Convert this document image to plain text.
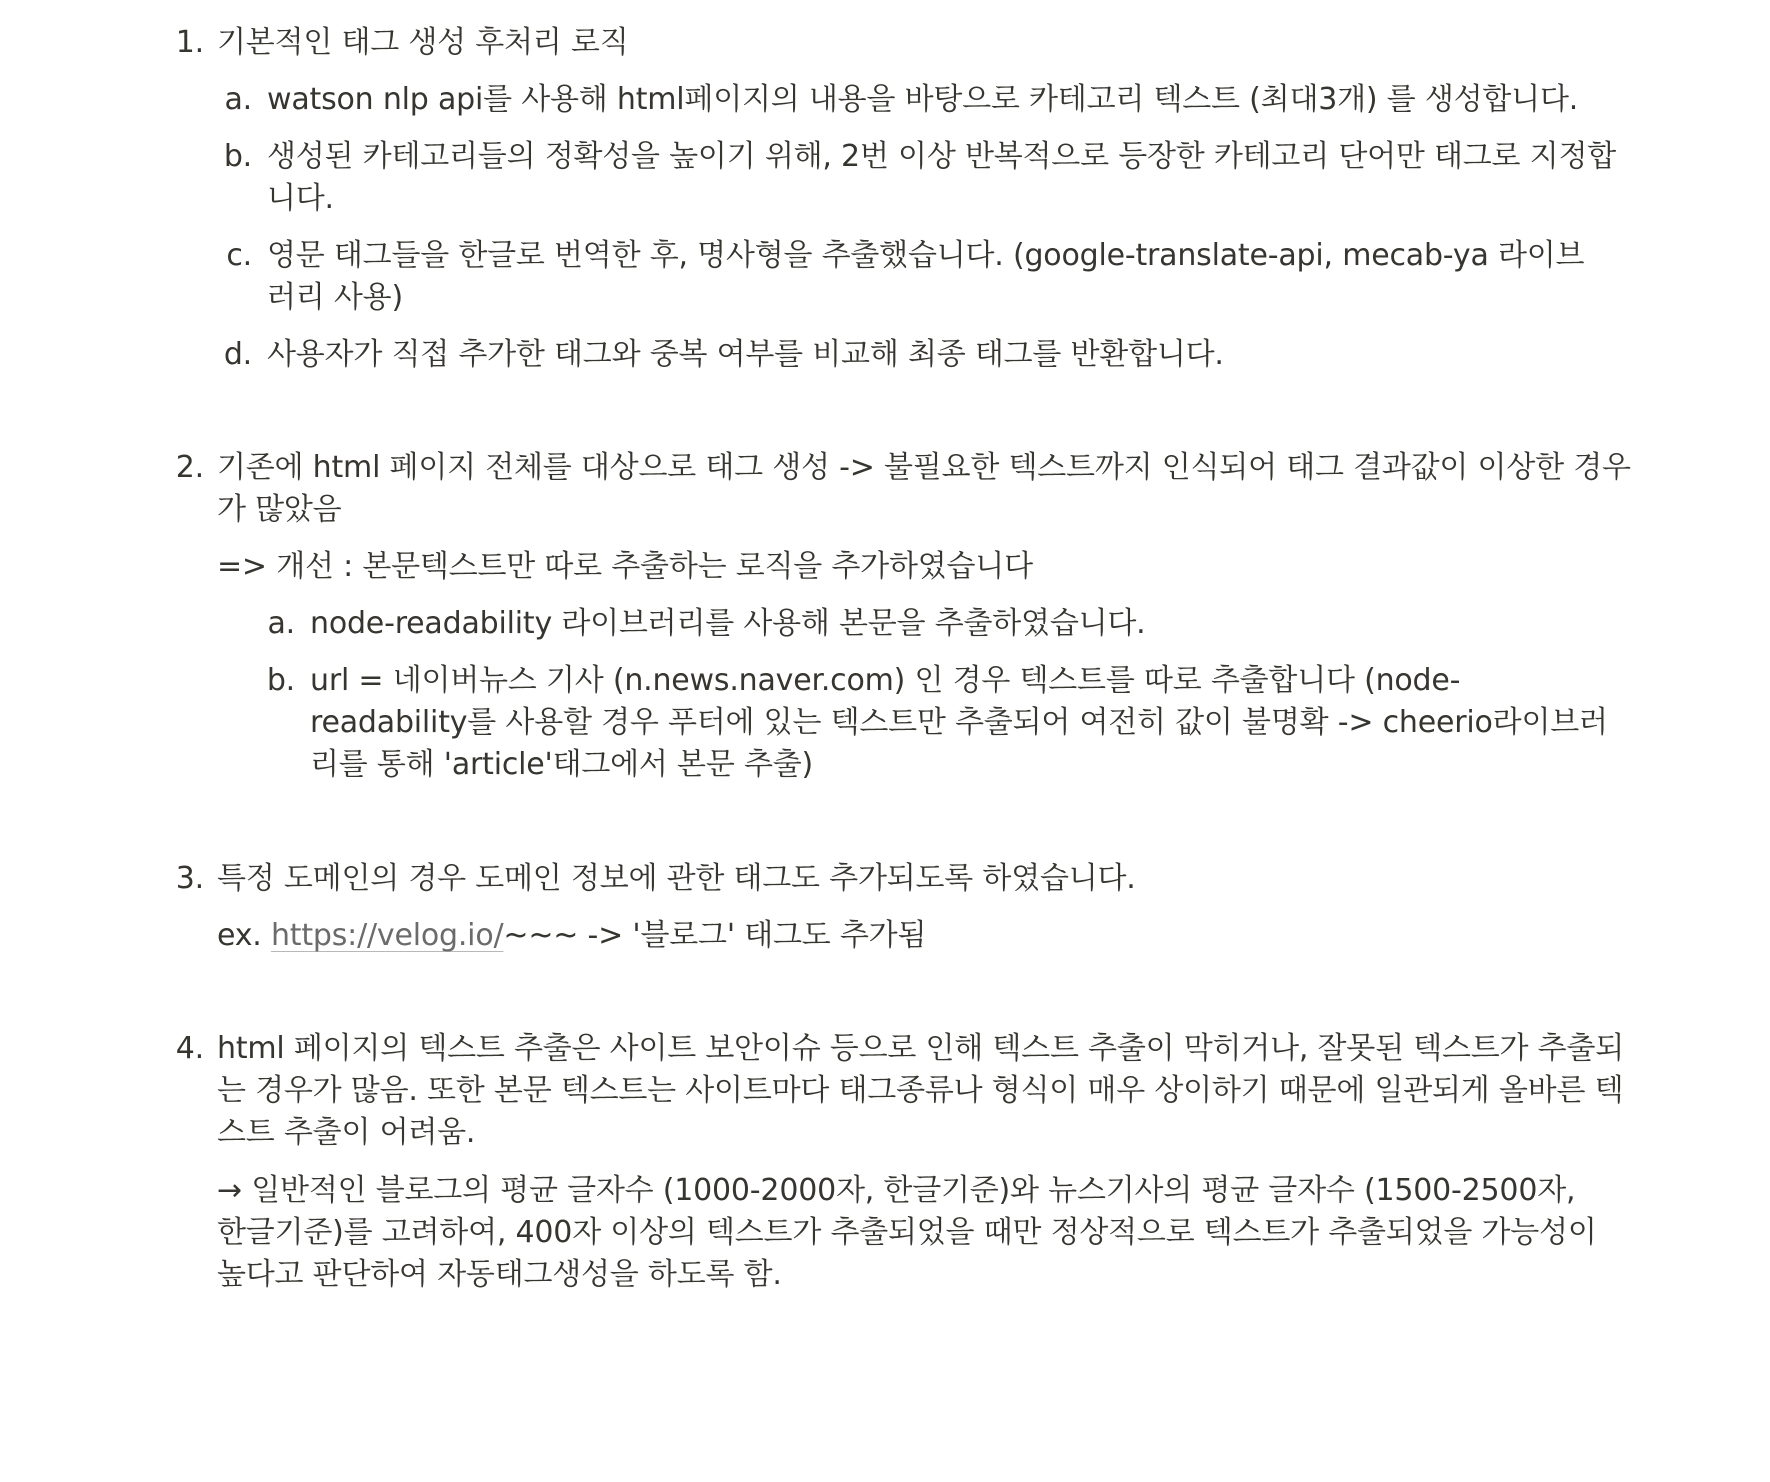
1. 기본적인 태그 생성 후처리 로직
a. watson nlp api를 사용해 html페이지의 내용을 바탕으로 카테고리 텍스트 (최대3개) 를 생성합니다.
b. 생성된 카테고리들의 정확성을 높이기 위해, 2번 이상 반복적으로 등장한 카테고리 단어만 태그로 지정합
니다.
c. 영문 태그들을 한글로 번역한 후, 명사형을 추출했습니다. (google-translate-api, mecab-ya 라이브
러리 사용)
d. 사용자가 직접 추가한 태그와 중복 여부를 비교해 최종 태그를 반환합니다.
2. 기존에 html 페이지 전체를 대상으로 태그 생성 -> 불필요한 텍스트까지 인식되어 태그 결과값이 이상한 경우
가 많았음
=> 개선 : 본문텍스트만 따로 추출하는 로직을 추가하였습니다
a. node-readability 라이브러리를 사용해 본문을 추출하였습니다.
b. url = 네이버뉴스 기사 (n.news.naver.com) 인 경우 텍스트를 따로 추출합니다 (node-
readability를 사용할 경우 푸터에 있는 텍스트만 추출되어 여전히 값이 불명확 -> cheerio라이브러
리를 통해 'article'태그에서 본문 추출)
3. 특정 도메인의 경우 도메인 정보에 관한 태그도 추가되도록 하였습니다.
ex. https://velog.io/~~~ -> '블로그' 태그도 추가됨
4. html 페이지의 텍스트 추출은 사이트 보안이슈 등으로 인해 텍스트 추출이 막히거나, 잘못된 텍스트가 추출되
는 경우가 많음. 또한 본문 텍스트는 사이트마다 태그종류나 형식이 매우 상이하기 때문에 일관되게 올바른 텍
스트 추출이 어려움.
→ 일반적인 블로그의 평균 글자수 (1000-2000자, 한글기준)와 뉴스기사의 평균 글자수 (1500-2500자,
한글기준)를 고려하여, 400자 이상의 텍스트가 추출되었을 때만 정상적으로 텍스트가 추출되었을 가능성이
높다고 판단하여 자동태그생성을 하도록 함.
